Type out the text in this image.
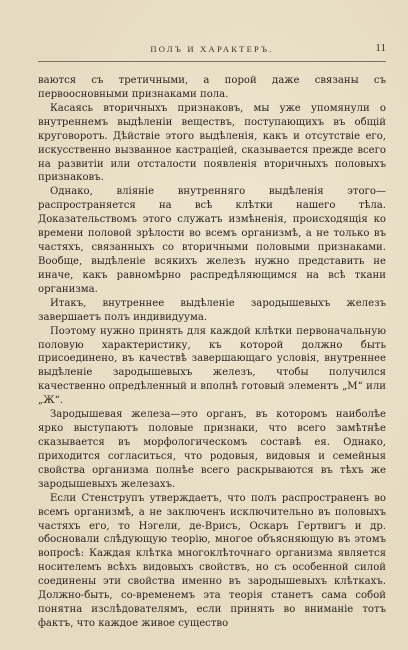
ПОЛЪ И ХАРАКТЕРЪ.	11

ваются съ третичными, а порой даже связаны съ первоосновными признаками пола.

Касаясь вторичныхъ признаковъ, мы уже упомянули о внутреннемъ выдѣленіи веществъ, поступающихъ въ общій круговоротъ. Дѣйствіе этого выдѣленія, какъ и отсутствіе его, искусственно вызванное кастраціей, сказывается прежде всего на развитіи или отсталости появленія вторичныхъ половыхъ признаковъ.

Однако, вліяніе внутренняго выдѣленія этого—распространяется на всѣ клѣтки нашего тѣла. Доказательствомъ этого служатъ измѣненія, происходящія ко времени половой зрѣлости во всемъ организмѣ, а не только въ частяхъ, связанныхъ со вторичными половыми признаками. Вообще, выдѣленіе всякихъ железъ нужно представить не иначе, какъ равномѣрно распредѣляющимся на всѣ ткани организма.

Итакъ, внутреннее выдѣленіе зародышевыхъ железъ завершаетъ полъ индивидуума.

Поэтому нужно принять для каждой клѣтки первоначальную половую характеристику, къ которой должно быть присоединено, въ качествѣ завершающаго условія, внутреннее выдѣленіе зародышевыхъ железъ, чтобы получился качественно опредѣленный и вполнѣ готовый элементъ „М“ или „Ж“.

Зародышевая железа—это органъ, въ которомъ наиболѣе ярко выступаютъ половые признаки, что всего замѣтнѣе сказывается въ морфологическомъ составѣ ея. Однако, приходится согласиться, что родовыя, видовыя и семейныя свойства организма полнѣе всего раскрываются въ тѣхъ же зародышевыхъ железахъ.

Если Стенструпъ утверждаетъ, что полъ распространенъ во всемъ организмѣ, а не заключенъ исключительно въ половыхъ частяхъ его, то Нэгели, де-Врисъ, Оскаръ Гертвигъ и др. обосновали слѣдующую теорію, многое объясняющую въ этомъ вопросѣ: Каждая клѣтка многоклѣточнаго организма является носителемъ всѣхъ видовыхъ свойствъ, но съ особенной силой соединены эти свойства именно въ зародышевыхъ клѣткахъ. Должно-быть, со-временемъ эта теорія станетъ сама собой понятна изслѣдователямъ, если принять во вниманіе тотъ фактъ, что каждое живое существо
